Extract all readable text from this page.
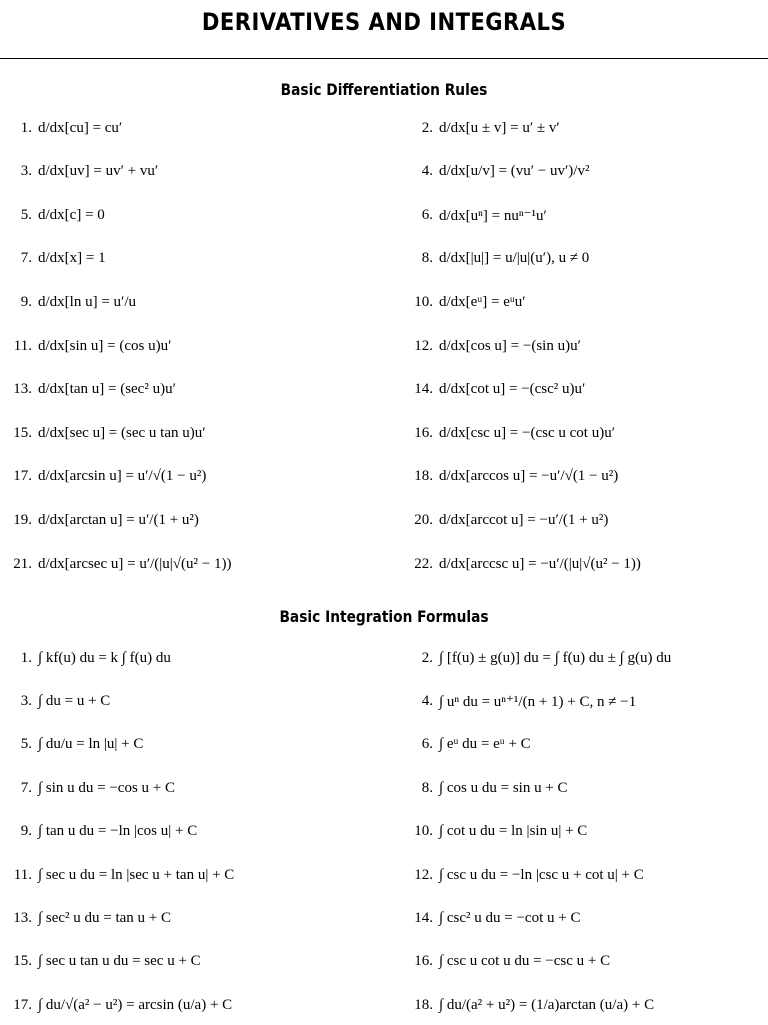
DERIVATIVES AND INTEGRALS
Basic Differentiation Rules
1. d/dx[cu] = cu′	2. d/dx[u ± v] = u′ ± v′
3. d/dx[uv] = uv′ + vu′	4. d/dx[u/v] = (vu′ − uv′)/v²
5. d/dx[c] = 0	6. d/dx[uⁿ] = nuⁿ⁻¹u′
7. d/dx[x] = 1	8. d/dx[|u|] = u/|u|(u′), u ≠ 0
9. d/dx[ln u] = u′/u	10. d/dx[eᵘ] = eᵘu′
11. d/dx[sin u] = (cos u)u′	12. d/dx[cos u] = −(sin u)u′
13. d/dx[tan u] = (sec² u)u′	14. d/dx[cot u] = −(csc² u)u′
15. d/dx[sec u] = (sec u tan u)u′	16. d/dx[csc u] = −(csc u cot u)u′
17. d/dx[arcsin u] = u′/√(1 − u²)	18. d/dx[arccos u] = −u′/√(1 − u²)
19. d/dx[arctan u] = u′/(1 + u²)	20. d/dx[arccot u] = −u′/(1 + u²)
21. d/dx[arcsec u] = u′/(|u|√(u² − 1))	22. d/dx[arccsc u] = −u′/(|u|√(u² − 1))
Basic Integration Formulas
1. ∫ kf(u) du = k ∫ f(u) du	2. ∫ [f(u) ± g(u)] du = ∫ f(u) du ± ∫ g(u) du
3. ∫ du = u + C	4. ∫ uⁿ du = uⁿ⁺¹/(n + 1) + C, n ≠ −1
5. ∫ du/u = ln |u| + C	6. ∫ eᵘ du = eᵘ + C
7. ∫ sin u du = −cos u + C	8. ∫ cos u du = sin u + C
9. ∫ tan u du = −ln |cos u| + C	10. ∫ cot u du = ln |sin u| + C
11. ∫ sec u du = ln |sec u + tan u| + C	12. ∫ csc u du = −ln |csc u + cot u| + C
13. ∫ sec² u du = tan u + C	14. ∫ csc² u du = −cot u + C
15. ∫ sec u tan u du = sec u + C	16. ∫ csc u cot u du = −csc u + C
17. ∫ du/√(a² − u²) = arcsin (u/a) + C	18. ∫ du/(a² + u²) = (1/a)arctan (u/a) + C
